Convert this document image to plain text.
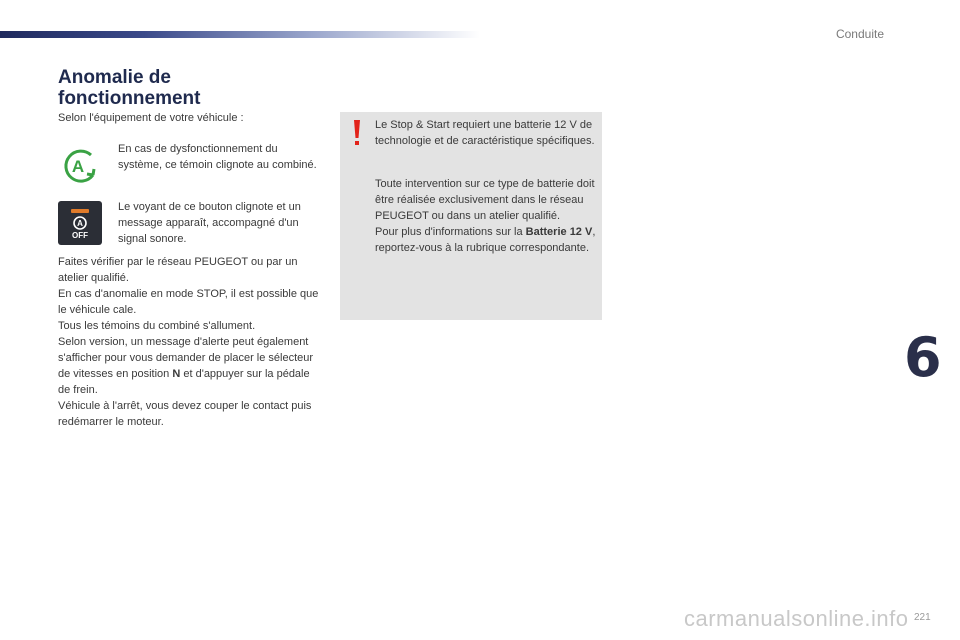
Conduite
Anomalie de
fonctionnement
Selon l'équipement de votre véhicule :
A
En cas de dysfonctionnement du système, ce témoin clignote au combiné.
A
OFF
Le voyant de ce bouton clignote et un message apparaît, accompagné d'un signal sonore.

Faites vérifier par le réseau PEUGEOT ou par un atelier qualifié.

En cas d'anomalie en mode STOP, il est possible que le véhicule cale.

Tous les témoins du combiné s'allument.

Selon version, un message d'alerte peut également s'afficher pour vous demander de placer le sélecteur de vitesses en position N et d'appuyer sur la pédale de frein.

Véhicule à l'arrêt, vous devez couper le contact puis redémarrer le moteur.

Le Stop & Start requiert une batterie 12 V de technologie et de caractéristique spécifiques.

Toute intervention sur ce type de batterie doit être réalisée exclusivement dans le réseau PEUGEOT ou dans un atelier qualifié.

Pour plus d'informations sur la Batterie 12 V, reportez-vous à la rubrique correspondante.

6
carmanualsonline.info 221
